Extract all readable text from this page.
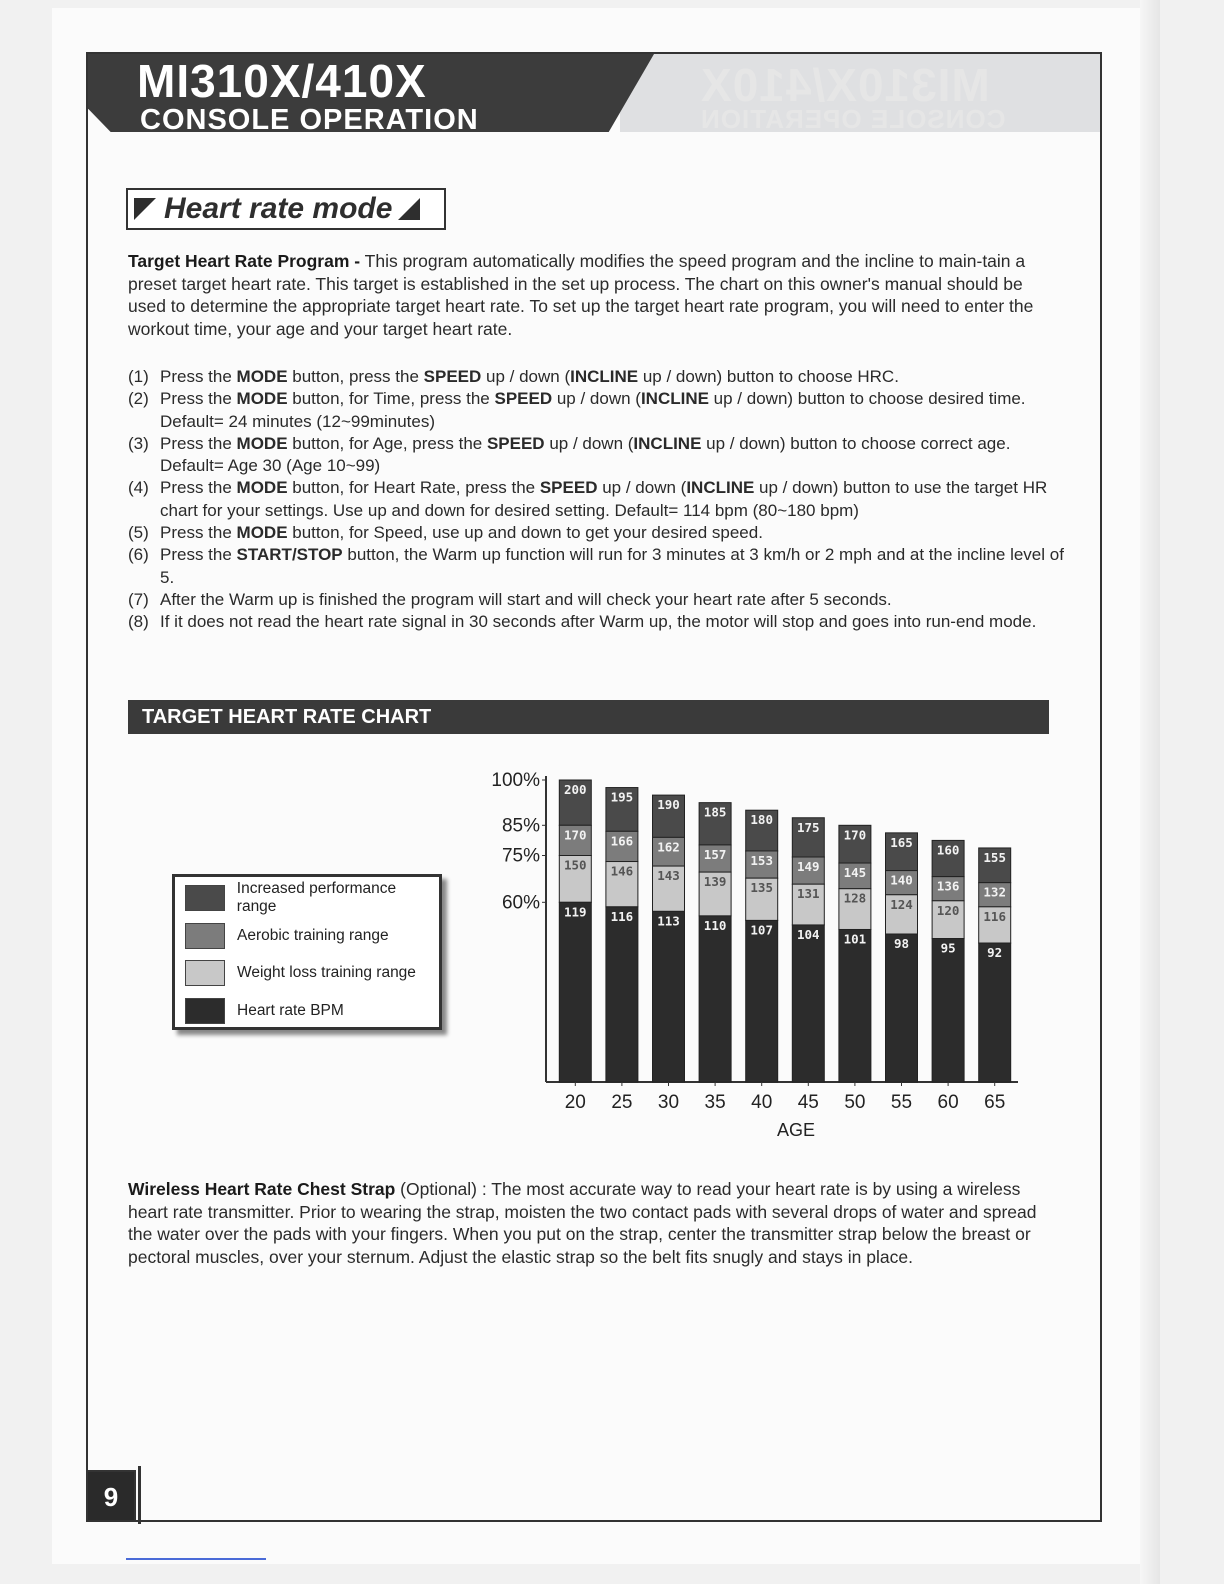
MI310X/410X
CONSOLE OPERATION
MI310X/410X
CONSOLE OPERATION
Heart rate mode
Target Heart Rate Program - This program automatically modifies the speed program and the incline to main-tain a preset target heart rate. This target is established in the set up process. The chart on this owner's manual should be used to determine the appropriate target heart rate. To set up the target heart rate program, you will need to enter the workout time, your age and your target heart rate.
(1) Press the MODE button, press the SPEED up / down (INCLINE up / down) button to choose HRC.
(2) Press the MODE button, for Time, press the SPEED up / down (INCLINE up / down) button to choose desired time.
Default= 24 minutes (12~99minutes)
(3) Press the MODE button, for Age, press the SPEED up / down (INCLINE up / down) button to choose correct age.
Default= Age 30 (Age 10~99)
(4) Press the MODE button, for Heart Rate, press the SPEED up / down (INCLINE up / down) button to use the target HR chart for your settings. Use up and down for desired setting. Default= 114 bpm (80~180 bpm)
(5) Press the MODE button, for Speed, use up and down to get your desired speed.
(6) Press the START/STOP button, the Warm up function will run for 3 minutes at 3 km/h or 2 mph and at the incline level of 5.
(7) After the Warm up is finished the program will start and will check your heart rate after 5 seconds.
(8) If it does not read the heart rate signal in 30 seconds after Warm up, the motor will stop and goes into run-end mode.
TARGET HEART RATE CHART
Increased performance range
Aerobic training range
Weight loss training range
Heart rate BPM
100%
85%
75%
60%
200
170
150
119
20
195
166
146
116
25
190
162
143
113
30
185
157
139
110
35
180
153
135
107
40
175
149
131
104
45
170
145
128
101
50
165
140
124
98
55
160
136
120
95
60
155
132
116
92
65
AGE
Wireless Heart Rate Chest Strap (Optional) : The most accurate way to read your heart rate is by using a wireless heart rate transmitter. Prior to wearing the strap, moisten the two contact pads with several drops of water and spread the water over the pads with your fingers. When you put on the strap, center the transmitter strap below the breast or pectoral muscles, over your sternum. Adjust the elastic strap so the belt fits snugly and stays in place.
9
